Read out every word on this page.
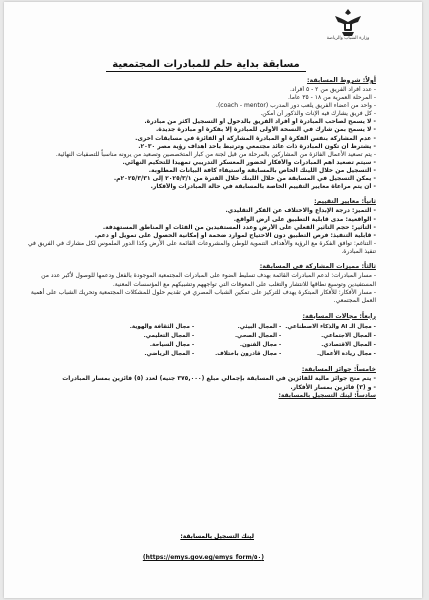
وزارة الشباب والرياضة
مسابقة بداية حلم للمبادرات المجتمعية
أولاً: شروط المسابقة:
- عدد أفراد الفريق من ٢ - ٥ أفراد.
- المرحلة العمرية من ١٨ - ٣٥ عاماً.
- واحد من أعضاء الفريق يلعب دور المدرب (coach - mentor).
- كل فريق يشارك فيه الإناث والذكور أن أمكن.
- لا يسمح لصاحب المبادرة أو أفراد الفريق بالدخول أو التسجيل أكثر من مبادرة.
- لا يسمح بمن شارك في النسخة الأولى للمبادرة إلا بفكرة أو مبادرة جديدة.
- عدم المشاركة بنفس الفكرة أو المبادرة المشاركة أو الفائزة في مسابقات أخرى.
- يشترط أن تكون المبادرة ذات عائد مجتمعي وترتبط بأحد أهداف رؤية مصر ٢٠٣٠.
- يتم تصعيد الأعمال الفائزة من المشاركين بالمرحلة من قبل لجنة من كبار المتخصصين وتصعيد من يرونه مناسباً للتصفيات النهائية.
- سيتم تصعيد أهم المبادرات والأفكار لحضور المعسكر التدريبي تمهيداً للتحكيم النهائي.
- التسجيل من خلال اللينك الخاص بالمسابقة واستيفاء كافة البيانات المطلوبة.
- يمكن التسجيل في المسابقة من خلال اللينك خلال الفترة من ٢٠٢٥/٣/١ إلى ٢٠٢٥/٣/٣١م.
- أن يتم مراعاة معايير التقييم الخاصة بالمسابقة في حالة المبادرات والأفكار.
ثانياً: معايير التقييم:
- التميز: درجة الإبداع والاختلاف عن الفكر التقليدي.
- الواقعية: مدى قابلية التطبيق على أرض الواقع.
- التأثير: حجم التأثير الفعلي على الأرض وعدد المستفيدين من الفئات أو المناطق المستهدفة.
- قابلية التنفيذ: فرص التطبيق دون الاحتياج لموارد ضخمة أو إمكانية الحصول على تمويل أو دعم.
- التناغم: توافق الفكرة مع الرؤية والأهداف التنموية للوطن والمشروعات القائمة على الأرض وكذا الدور الملموس لكل مشارك في الفريق في تنفيذ المبادرة.
ثالثاً: مميزات المشاركة في المسابقة:
- مسار المبادرات: لدعم المبادرات القائمة بهدف تسليط الضوء على المبادرات المجتمعية الموجودة بالفعل ودعمها للوصول لأكبر عدد من المستفيدين وتوسيع نطاقها للانتشار والتغلب على المعوقات التي تواجههم وتشبيكهم مع المؤسسات المعنية.
- مسار الأفكار: للأفكار المبتكرة يهدف للتركيز على تمكين الشباب المصري في تقديم حلول للمشكلات المجتمعية وتحريك الشباب على أهمية العمل المجتمعي.
رابعاً: مجالات المسابقة:
- مجال الـ AI والذكاء الاصطناعي.
- المجال البيئي.
- مجال الثقافة والهوية.
- المجال الاجتماعي.
- المجال الصحي.
- المجال التعليمي.
- المجال الاقتصادي.
- مجال الفنون.
- مجال السياحة.
- مجال ريادة الأعمال.
- مجال قادرون باختلاف.
- المجال الرياضي.
خامساً: جوائز المسابقة:
- يتم منح جوائز مالية للفائزين في المسابقة بإجمالي مبلغ (٣٧٥,٠٠٠ جنيه) لعدد (٥) فائزين بمسار المبادرات
- و (٣) فائزين بمسار الأفكار.
سادساً: لينك التسجيل بالمسابقة:
لينك التسجيل بالمسابقة:
(https://emys.gov.eg/emys_form/٥٠)
